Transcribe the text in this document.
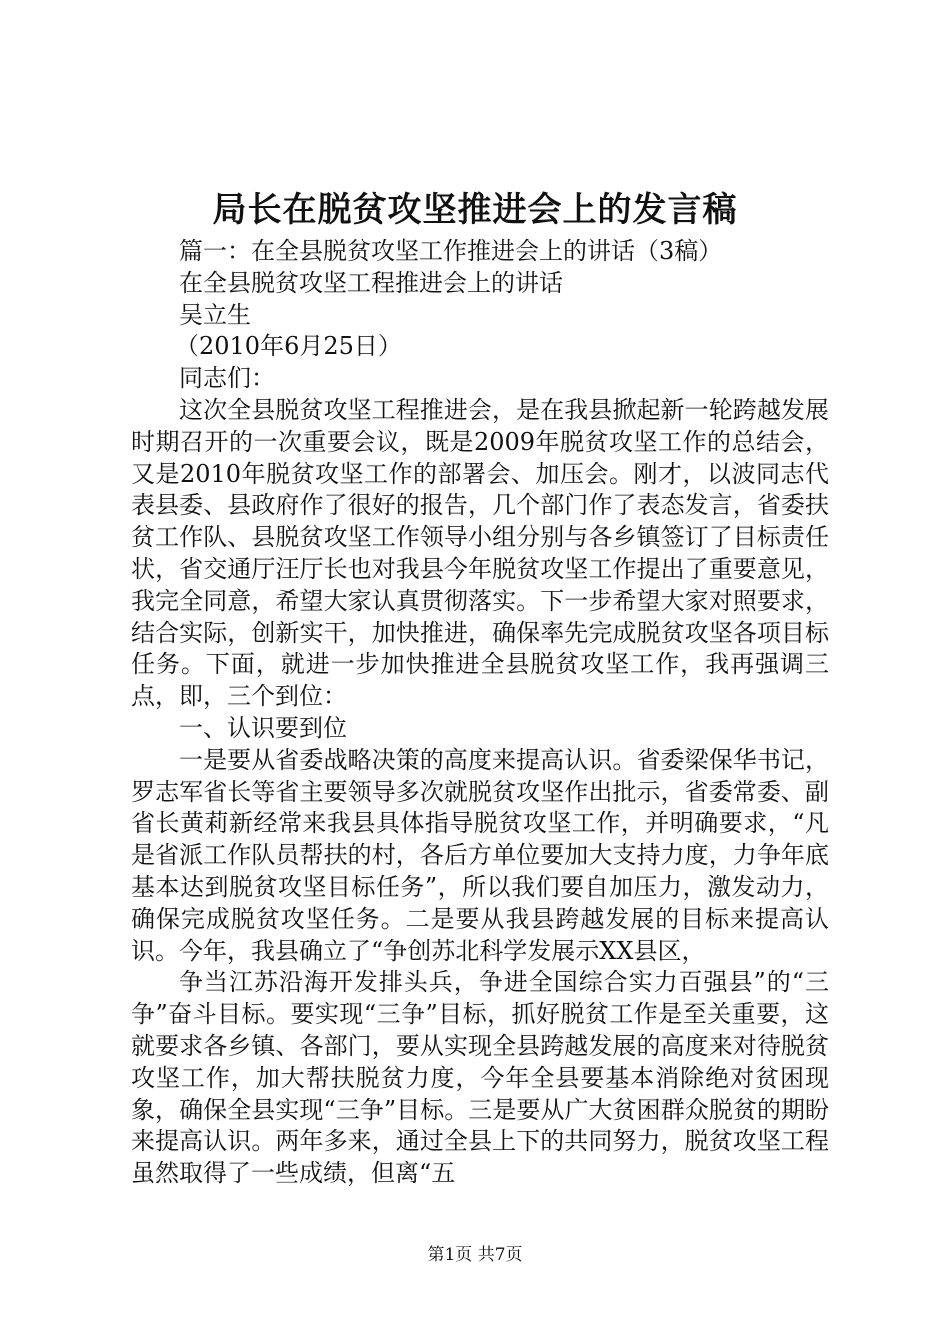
局长在脱贫攻坚推进会上的发言稿
篇一：在全县脱贫攻坚工作推进会上的讲话（3稿）
在全县脱贫攻坚工程推进会上的讲话
吴立生
（2010年6月25日）
同志们：
这次全县脱贫攻坚工程推进会，是在我县掀起新一轮跨越发展时期召开的一次重要会议，既是2009年脱贫攻坚工作的总结会，又是2010年脱贫攻坚工作的部署会、加压会。刚才，以波同志代表县委、县政府作了很好的报告，几个部门作了表态发言，省委扶贫工作队、县脱贫攻坚工作领导小组分别与各乡镇签订了目标责任状，省交通厅汪厅长也对我县今年脱贫攻坚工作提出了重要意见，我完全同意，希望大家认真贯彻落实。下一步希望大家对照要求，结合实际，创新实干，加快推进，确保率先完成脱贫攻坚各项目标任务。下面，就进一步加快推进全县脱贫攻坚工作，我再强调三点，即，三个到位：
一、认识要到位
一是要从省委战略决策的高度来提高认识。省委梁保华书记，罗志军省长等省主要领导多次就脱贫攻坚作出批示，省委常委、副省长黄莉新经常来我县具体指导脱贫攻坚工作，并明确要求，“凡是省派工作队员帮扶的村，各后方单位要加大支持力度，力争年底基本达到脱贫攻坚目标任务”，所以我们要自加压力，激发动力，确保完成脱贫攻坚任务。二是要从我县跨越发展的目标来提高认识。今年，我县确立了“争创苏北科学发展示XX县区，
争当江苏沿海开发排头兵，争进全国综合实力百强县”的“三争”奋斗目标。要实现“三争”目标，抓好脱贫工作是至关重要，这就要求各乡镇、各部门，要从实现全县跨越发展的高度来对待脱贫攻坚工作，加大帮扶脱贫力度，今年全县要基本消除绝对贫困现象，确保全县实现“三争”目标。三是要从广大贫困群众脱贫的期盼来提高认识。两年多来，通过全县上下的共同努力，脱贫攻坚工程虽然取得了一些成绩，但离“五
第1页 共7页
